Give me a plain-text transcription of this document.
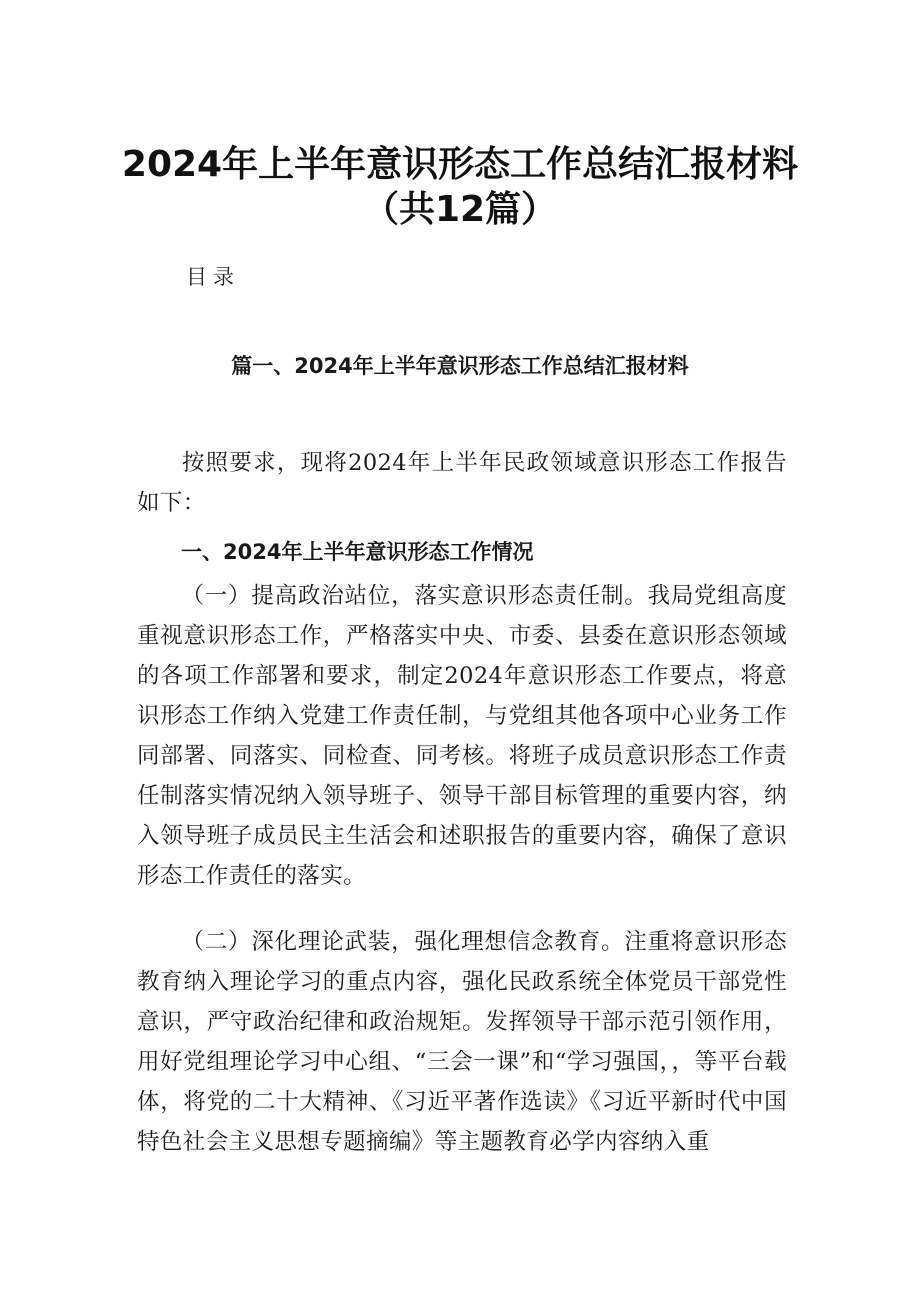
2024年上半年意识形态工作总结汇报材料
（共12篇）
目录
篇一、2024年上半年意识形态工作总结汇报材料
按照要求，现将2024年上半年民政领域意识形态工作报告如下：
一、2024年上半年意识形态工作情况
（一）提高政治站位，落实意识形态责任制。我局党组高度重视意识形态工作，严格落实中央、市委、县委在意识形态领域的各项工作部署和要求，制定2024年意识形态工作要点，将意识形态工作纳入党建工作责任制，与党组其他各项中心业务工作同部署、同落实、同检查、同考核。将班子成员意识形态工作责任制落实情况纳入领导班子、领导干部目标管理的重要内容，纳入领导班子成员民主生活会和述职报告的重要内容，确保了意识形态工作责任的落实。
（二）深化理论武装，强化理想信念教育。注重将意识形态教育纳入理论学习的重点内容，强化民政系统全体党员干部党性意识，严守政治纪律和政治规矩。发挥领导干部示范引领作用，用好党组理论学习中心组、“三会一课”和“学习强国，，等平台载体，将党的二十大精神、《习近平著作选读》《习近平新时代中国特色社会主义思想专题摘编》等主题教育必学内容纳入重
